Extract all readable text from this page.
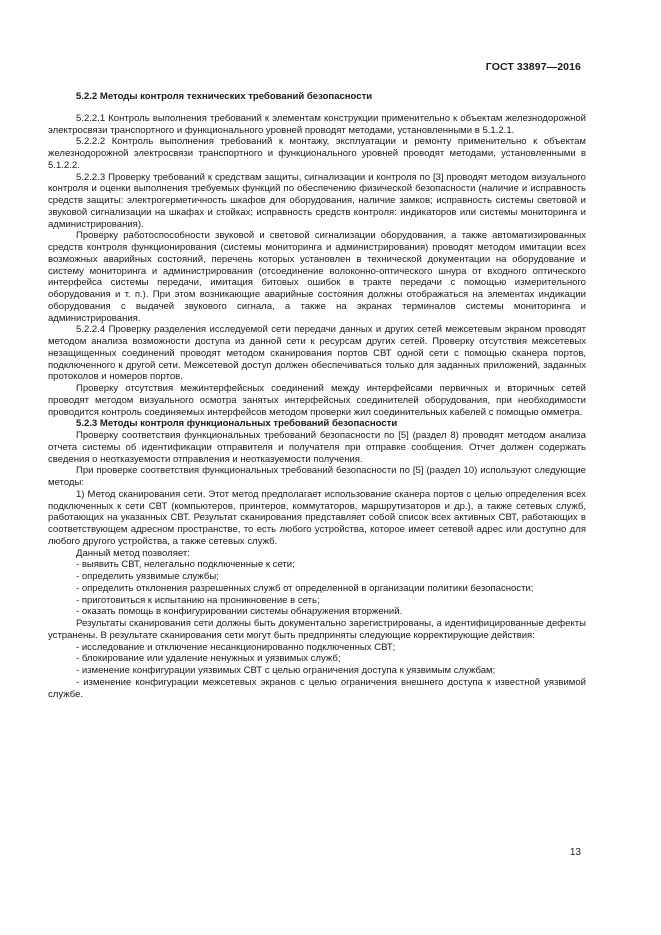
ГОСТ 33897—2016

5.2.2 Методы контроля технических требований безопасности

5.2.2.1 Контроль выполнения требований к элементам конструкции применительно к объектам железнодорожной электросвязи транспортного и функционального уровней проводят методами, установленными в 5.1.2.1.

5.2.2.2 Контроль выполнения требований к монтажу, эксплуатации и ремонту применительно к объектам железнодорожной электросвязи транспортного и функционального уровней проводят методами, установленными в 5.1.2.2.

5.2.2.3 Проверку требований к средствам защиты, сигнализации и контроля по [3] проводят методом визуального контроля и оценки выполнения требуемых функций по обеспечению физической безопасности (наличие и исправность средств защиты: электрогерметичность шкафов для оборудования, наличие замков; исправность системы световой и звуковой сигнализации на шкафах и стойках; исправность средств контроля: индикаторов или системы мониторинга и администрирования).

Проверку работоспособности звуковой и световой сигнализации оборудования, а также автоматизированных средств контроля функционирования (системы мониторинга и администрирования) проводят методом имитации всех возможных аварийных состояний, перечень которых установлен в технической документации на оборудование и систему мониторинга и администрирования (отсоединение волоконно-оптического шнура от входного оптического интерфейса системы передачи, имитация битовых ошибок в тракте передачи с помощью измерительного оборудования и т. п.). При этом возникающие аварийные состояния должны отображаться на элементах индикации оборудования с выдачей звукового сигнала, а также на экранах терминалов системы мониторинга и администрирования.

5.2.2.4 Проверку разделения исследуемой сети передачи данных и других сетей межсетевым экраном проводят методом анализа возможности доступа из данной сети к ресурсам других сетей. Проверку отсутствия межсетевых незащищенных соединений проводят методом сканирования портов СВТ одной сети с помощью сканера портов, подключенного к другой сети. Межсетевой доступ должен обеспечиваться только для заданных приложений, заданных протоколов и номеров портов.

Проверку отсутствия межинтерфейсных соединений между интерфейсами первичных и вторичных сетей проводят методом визуального осмотра занятых интерфейсных соединителей оборудования, при необходимости проводится контроль соединяемых интерфейсов методом проверки жил соединительных кабелей с помощью омметра.

5.2.3 Методы контроля функциональных требований безопасности

Проверку соответствия функциональных требований безопасности по [5] (раздел 8) проводят методом анализа отчета системы об идентификации отправителя и получателя при отправке сообщения. Отчет должен содержать сведения о неотказуемости отправления и неотказуемости получения.

При проверке соответствия функциональных требований безопасности по [5] (раздел 10) используют следующие методы:

1) Метод сканирования сети. Этот метод предполагает использование сканера портов с целью определения всех подключенных к сети СВТ (компьютеров, принтеров, коммутаторов, маршрутизаторов и др.), а также сетевых служб, работающих на указанных СВТ. Результат сканирования представляет собой список всех активных СВТ, работающих в соответствующем адресном пространстве, то есть любого устройства, которое имеет сетевой адрес или доступно для любого другого устройства, а также сетевых служб.

Данный метод позволяет:

- выявить СВТ, нелегально подключенные к сети;

- определить уязвимые службы;

- определить отклонения разрешенных служб от определенной в организации политики безопасности;

- приготовиться к испытанию на проникновение в сеть;

- оказать помощь в конфигурировании системы обнаружения вторжений.

Результаты сканирования сети должны быть документально зарегистрированы, а идентифицированные дефекты устранены. В результате сканирования сети могут быть предприняты следующие корректирующие действия:

- исследование и отключение несанкционированно подключенных СВТ;

- блокирование или удаление ненужных и уязвимых служб;

- изменение конфигурации уязвимых СВТ с целью ограничения доступа к уязвимым службам;

- изменение конфигурации межсетевых экранов с целью ограничения внешнего доступа к известной уязвимой службе.

13
